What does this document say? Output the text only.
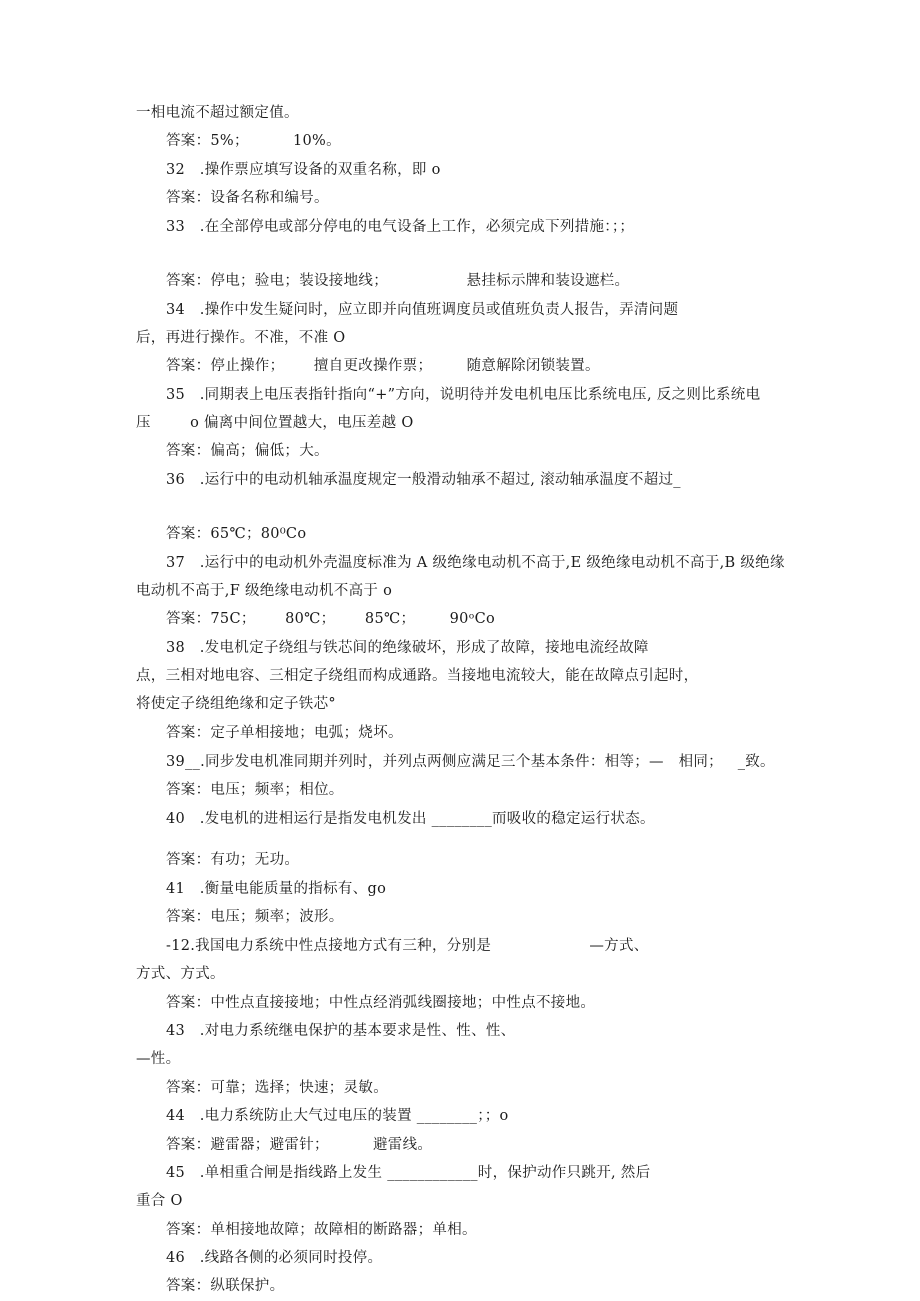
一相电流不超过额定值。
答案：5%；         10%。
32   .操作票应填写设备的双重名称，即 o
答案：设备名称和编号。
33   .在全部停电或部分停电的电气设备上工作，必须完成下列措施：；；
答案：停电；验电；装设接地线；                悬挂标示牌和装设遮栏。
34   .操作中发生疑问时，应立即并向值班调度员或值班负责人报告，弄清问题
后，再进行操作。不准，不准 O
答案：停止操作；      擅自更改操作票；       随意解除闭锁装置。
35   .同期表上电压表指针指向“+”方向，说明待并发电机电压比系统电压, 反之则比系统电
压        o 偏离中间位置越大，电压差越 O
答案：偏高；偏低；大。
36   .运行中的电动机轴承温度规定一般滑动轴承不超过, 滚动轴承温度不超过_
答案：65℃；80⁰Co
37   .运行中的电动机外壳温度标准为 A 级绝缘电动机不高于,E 级绝缘电动机不高于,B 级绝缘
电动机不高于,F 级绝缘电动机不高于 o
答案：75C；      80℃；      85℃；       90ᵒCo
38   .发电机定子绕组与铁芯间的绝缘破坏，形成了故障，接地电流经故障
点，三相对地电容、三相定子绕组而构成通路。当接地电流较大，能在故障点引起时，
将使定子绕组绝缘和定子铁芯°
答案：定子单相接地；电弧；烧坏。
39__.同步发电机准同期并列时，并列点两侧应满足三个基本条件：相等；—   相同；   _致。
答案：电压；频率；相位。
40   .发电机的进相运行是指发电机发出 ________而吸收的稳定运行状态。
答案：有功；无功。
41   .衡量电能质量的指标有、go
答案：电压；频率；波形。
-12.我国电力系统中性点接地方式有三种，分别是                    —方式、
方式、方式。
答案：中性点直接接地；中性点经消弧线圈接地；中性点不接地。
43   .对电力系统继电保护的基本要求是性、性、性、
—性。
答案：可靠；选择；快速；灵敏。
44   .电力系统防止大气过电压的装置 ________；；o
答案：避雷器；避雷针；         避雷线。
45   .单相重合闸是指线路上发生 ____________时，保护动作只跳开, 然后
重合 O
答案：单相接地故障；故障相的断路器；单相。
46   .线路各侧的必须同时投停。
答案：纵联保护。
